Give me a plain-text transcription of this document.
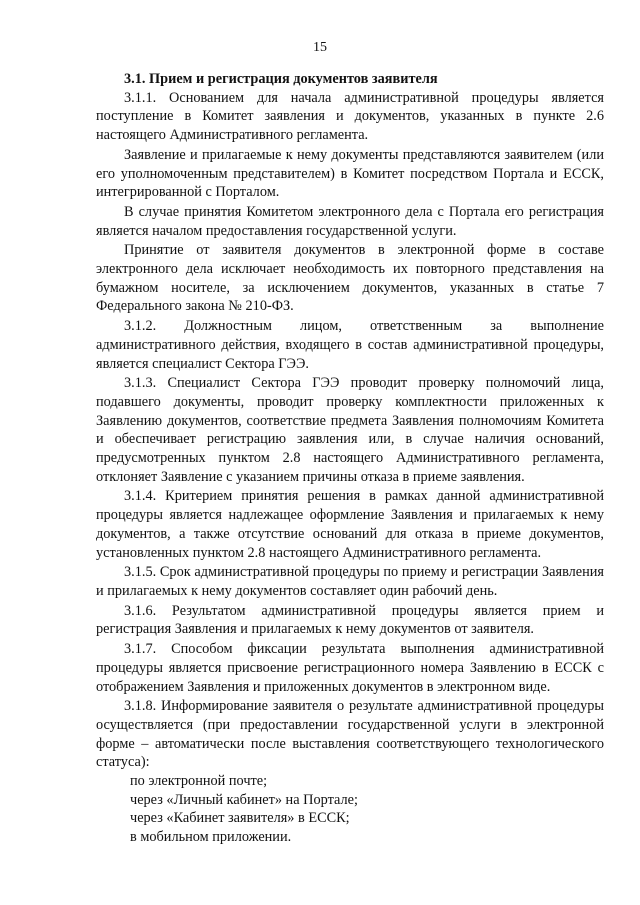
15

3.1. Прием и регистрация документов заявителя

3.1.1. Основанием для начала административной процедуры является поступление в Комитет заявления и документов, указанных в пункте 2.6 настоящего Административного регламента.

Заявление и прилагаемые к нему документы представляются заявителем (или его уполномоченным представителем) в Комитет посредством Портала и ЕССК, интегрированной с Порталом.

В случае принятия Комитетом электронного дела с Портала его регистрация является началом предоставления государственной услуги.

Принятие от заявителя документов в электронной форме в составе электронного дела исключает необходимость их повторного представления на бумажном носителе, за исключением документов, указанных в статье 7 Федерального закона № 210-ФЗ.

3.1.2. Должностным лицом, ответственным за выполнение административного действия, входящего в состав административной процедуры, является специалист Сектора ГЭЭ.

3.1.3. Специалист Сектора ГЭЭ проводит проверку полномочий лица, подавшего документы, проводит проверку комплектности приложенных к Заявлению документов, соответствие предмета Заявления полномочиям Комитета и обеспечивает регистрацию заявления или, в случае наличия оснований, предусмотренных пунктом 2.8 настоящего Административного регламента, отклоняет Заявление с указанием причины отказа в приеме заявления.

3.1.4. Критерием принятия решения в рамках данной административной процедуры является надлежащее оформление Заявления и прилагаемых к нему документов, а также отсутствие оснований для отказа в приеме документов, установленных пунктом 2.8 настоящего Административного регламента.

3.1.5. Срок административной процедуры по приему и регистрации Заявления и прилагаемых к нему документов составляет один рабочий день.

3.1.6. Результатом административной процедуры является прием и регистрация Заявления и прилагаемых к нему документов от заявителя.

3.1.7. Способом фиксации результата выполнения административной процедуры является присвоение регистрационного номера Заявлению в ЕССК с отображением Заявления и приложенных документов в электронном виде.

3.1.8. Информирование заявителя о результате административной процедуры осуществляется (при предоставлении государственной услуги в электронной форме – автоматически после выставления соответствующего технологического статуса):

по электронной почте;

через «Личный кабинет» на Портале;

через «Кабинет заявителя» в ЕССК;

в мобильном приложении.
